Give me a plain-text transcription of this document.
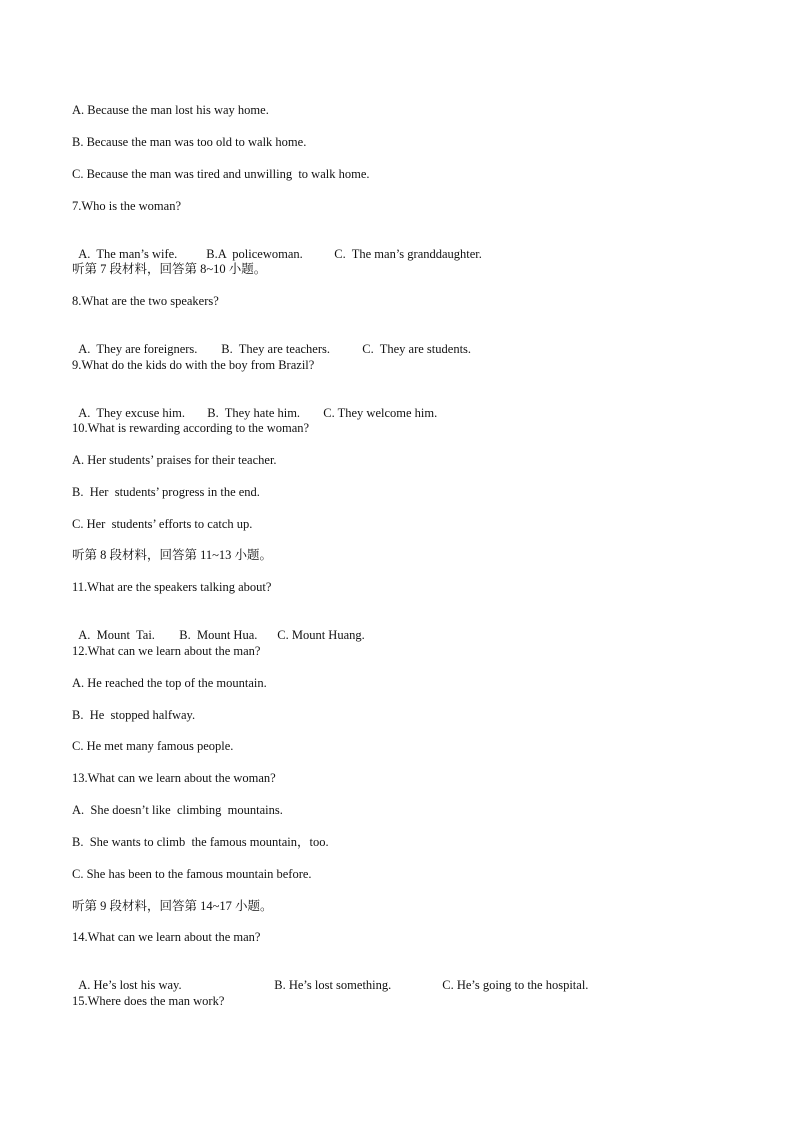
A. Because the man lost his way home.
B. Because the man was too old to walk home.
C. Because the man was tired and unwilling  to walk home.
7.Who is the woman?

A.  The man’s wife. B.A  policewoman.	C.  The man’s granddaughter.

听第 7 段材料，回答第 8~10 小题。
8.What are the two speakers?

A.  They are foreigners. B.  They are teachers.	C.  They are students.

9.What do the kids do with the boy from Brazil?

A.  They excuse him. B.  They hate him. C. They welcome him.

10.What is rewarding according to the woman?
A. Her students’ praises for their teacher.
B.  Her  students’ progress in the end.
C. Her  students’ efforts to catch up.
听第 8 段材料，回答第 11~13 小题。
11.What are the speakers talking about?

A.  Mount  Tai. B.  Mount Hua. C. Mount Huang.

12.What can we learn about the man?
A. He reached the top of the mountain.
B.  He  stopped halfway.
C. He met many famous people.
13.What can we learn about the woman?
A.  She doesn’t like  climbing  mountains.
B.  She wants to climb  the famous mountain，too.
C. She has been to the famous mountain before.
听第 9 段材料，回答第 14~17 小题。
14.What can we learn about the man?

A. He’s lost his way.	B. He’s lost something.	C. He’s going to the hospital.

15.Where does the man work?
